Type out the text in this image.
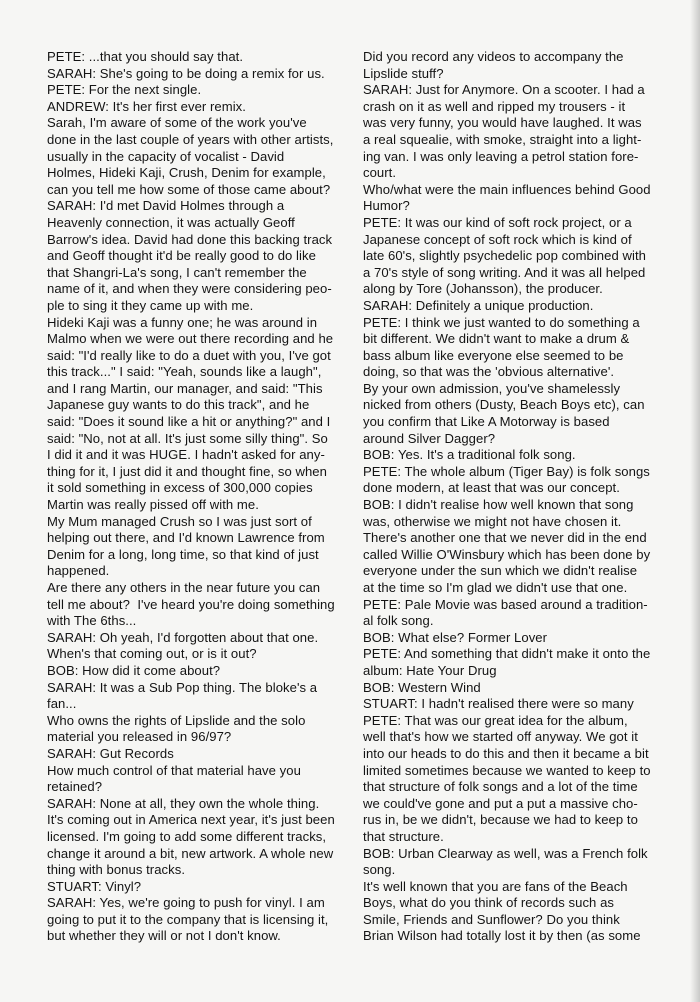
PETE: ...that you should say that.
SARAH: She's going to be doing a remix for us.
PETE: For the next single.
ANDREW: It's her first ever remix.
Sarah, I'm aware of some of the work you've
done in the last couple of years with other artists,
usually in the capacity of vocalist - David
Holmes, Hideki Kaji, Crush, Denim for example,
can you tell me how some of those came about?
SARAH: I'd met David Holmes through a
Heavenly connection, it was actually Geoff
Barrow's idea. David had done this backing track
and Geoff thought it'd be really good to do like
that Shangri-La's song, I can't remember the
name of it, and when they were considering peo-
ple to sing it they came up with me.
Hideki Kaji was a funny one; he was around in
Malmo when we were out there recording and he
said: "I'd really like to do a duet with you, I've got
this track..." I said: "Yeah, sounds like a laugh",
and I rang Martin, our manager, and said: "This
Japanese guy wants to do this track", and he
said: "Does it sound like a hit or anything?" and I
said: "No, not at all. It's just some silly thing". So
I did it and it was HUGE. I hadn't asked for any-
thing for it, I just did it and thought fine, so when
it sold something in excess of 300,000 copies
Martin was really pissed off with me.
My Mum managed Crush so I was just sort of
helping out there, and I'd known Lawrence from
Denim for a long, long time, so that kind of just
happened.
Are there any others in the near future you can
tell me about?  I've heard you're doing something
with The 6ths...
SARAH: Oh yeah, I'd forgotten about that one.
When's that coming out, or is it out?
BOB: How did it come about?
SARAH: It was a Sub Pop thing. The bloke's a
fan...
Who owns the rights of Lipslide and the solo
material you released in 96/97?
SARAH: Gut Records
How much control of that material have you
retained?
SARAH: None at all, they own the whole thing.
It's coming out in America next year, it's just been
licensed. I'm going to add some different tracks,
change it around a bit, new artwork. A whole new
thing with bonus tracks.
STUART: Vinyl?
SARAH: Yes, we're going to push for vinyl. I am
going to put it to the company that is licensing it,
but whether they will or not I don't know.
Did you record any videos to accompany the
Lipslide stuff?
SARAH: Just for Anymore. On a scooter. I had a
crash on it as well and ripped my trousers - it
was very funny, you would have laughed. It was
a real squealie, with smoke, straight into a light-
ing van. I was only leaving a petrol station fore-
court.
Who/what were the main influences behind Good
Humor?
PETE: It was our kind of soft rock project, or a
Japanese concept of soft rock which is kind of
late 60's, slightly psychedelic pop combined with
a 70's style of song writing. And it was all helped
along by Tore (Johansson), the producer.
SARAH: Definitely a unique production.
PETE: I think we just wanted to do something a
bit different. We didn't want to make a drum &
bass album like everyone else seemed to be
doing, so that was the 'obvious alternative'.
By your own admission, you've shamelessly
nicked from others (Dusty, Beach Boys etc), can
you confirm that Like A Motorway is based
around Silver Dagger?
BOB: Yes. It's a traditional folk song.
PETE: The whole album (Tiger Bay) is folk songs
done modern, at least that was our concept.
BOB: I didn't realise how well known that song
was, otherwise we might not have chosen it.
There's another one that we never did in the end
called Willie O'Winsbury which has been done by
everyone under the sun which we didn't realise
at the time so I'm glad we didn't use that one.
PETE: Pale Movie was based around a tradition-
al folk song.
BOB: What else? Former Lover
PETE: And something that didn't make it onto the
album: Hate Your Drug
BOB: Western Wind
STUART: I hadn't realised there were so many
PETE: That was our great idea for the album,
well that's how we started off anyway. We got it
into our heads to do this and then it became a bit
limited sometimes because we wanted to keep to
that structure of folk songs and a lot of the time
we could've gone and put a put a massive cho-
rus in, be we didn't, because we had to keep to
that structure.
BOB: Urban Clearway as well, was a French folk
song.
It's well known that you are fans of the Beach
Boys, what do you think of records such as
Smile, Friends and Sunflower? Do you think
Brian Wilson had totally lost it by then (as some
